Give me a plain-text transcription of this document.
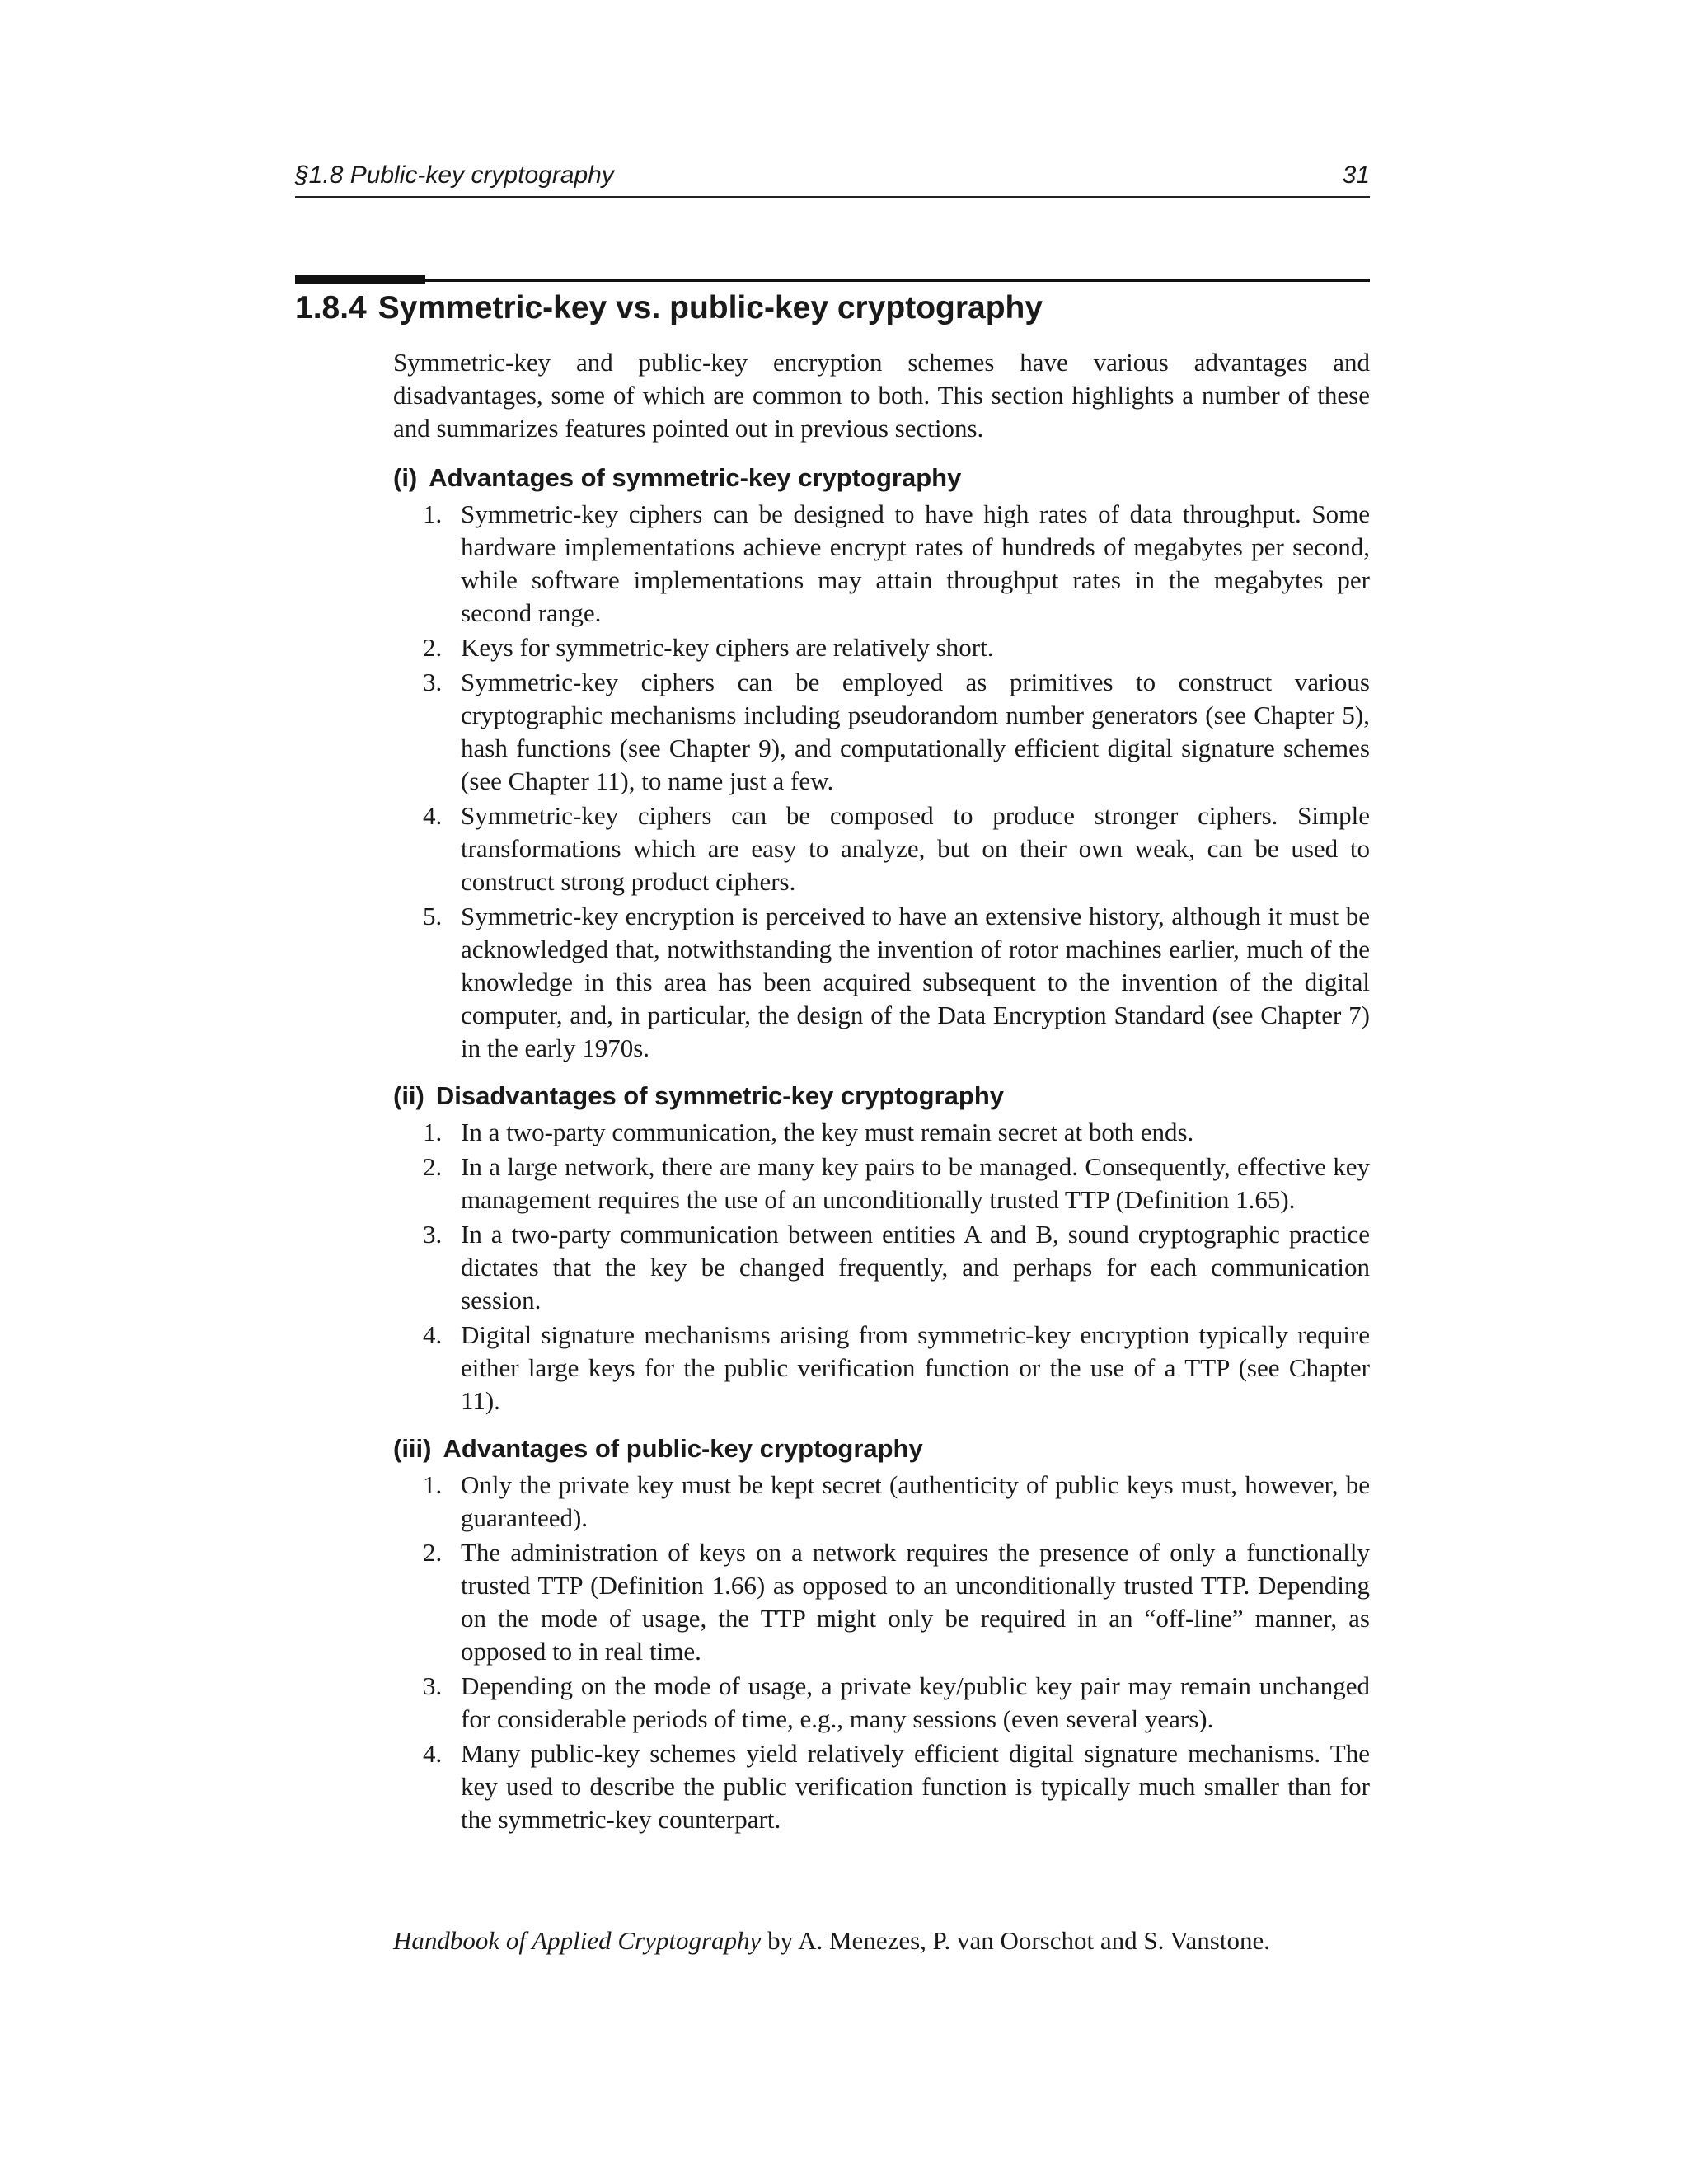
§1.8 Public-key cryptography	31
1.8.4 Symmetric-key vs. public-key cryptography

Symmetric-key and public-key encryption schemes have various advantages and disadvantages, some of which are common to both. This section highlights a number of these and summarizes features pointed out in previous sections.

(i) Advantages of symmetric-key cryptography
1. Symmetric-key ciphers can be designed to have high rates of data throughput. Some hardware implementations achieve encrypt rates of hundreds of megabytes per second, while software implementations may attain throughput rates in the megabytes per second range.
2. Keys for symmetric-key ciphers are relatively short.
3. Symmetric-key ciphers can be employed as primitives to construct various cryptographic mechanisms including pseudorandom number generators (see Chapter 5), hash functions (see Chapter 9), and computationally efficient digital signature schemes (see Chapter 11), to name just a few.
4. Symmetric-key ciphers can be composed to produce stronger ciphers. Simple transformations which are easy to analyze, but on their own weak, can be used to construct strong product ciphers.
5. Symmetric-key encryption is perceived to have an extensive history, although it must be acknowledged that, notwithstanding the invention of rotor machines earlier, much of the knowledge in this area has been acquired subsequent to the invention of the digital computer, and, in particular, the design of the Data Encryption Standard (see Chapter 7) in the early 1970s.
(ii) Disadvantages of symmetric-key cryptography
1. In a two-party communication, the key must remain secret at both ends.
2. In a large network, there are many key pairs to be managed. Consequently, effective key management requires the use of an unconditionally trusted TTP (Definition 1.65).
3. In a two-party communication between entities A and B, sound cryptographic practice dictates that the key be changed frequently, and perhaps for each communication session.
4. Digital signature mechanisms arising from symmetric-key encryption typically require either large keys for the public verification function or the use of a TTP (see Chapter 11).
(iii) Advantages of public-key cryptography
1. Only the private key must be kept secret (authenticity of public keys must, however, be guaranteed).
2. The administration of keys on a network requires the presence of only a functionally trusted TTP (Definition 1.66) as opposed to an unconditionally trusted TTP. Depending on the mode of usage, the TTP might only be required in an “off-line” manner, as opposed to in real time.
3. Depending on the mode of usage, a private key/public key pair may remain unchanged for considerable periods of time, e.g., many sessions (even several years).
4. Many public-key schemes yield relatively efficient digital signature mechanisms. The key used to describe the public verification function is typically much smaller than for the symmetric-key counterpart.
Handbook of Applied Cryptography by A. Menezes, P. van Oorschot and S. Vanstone.
